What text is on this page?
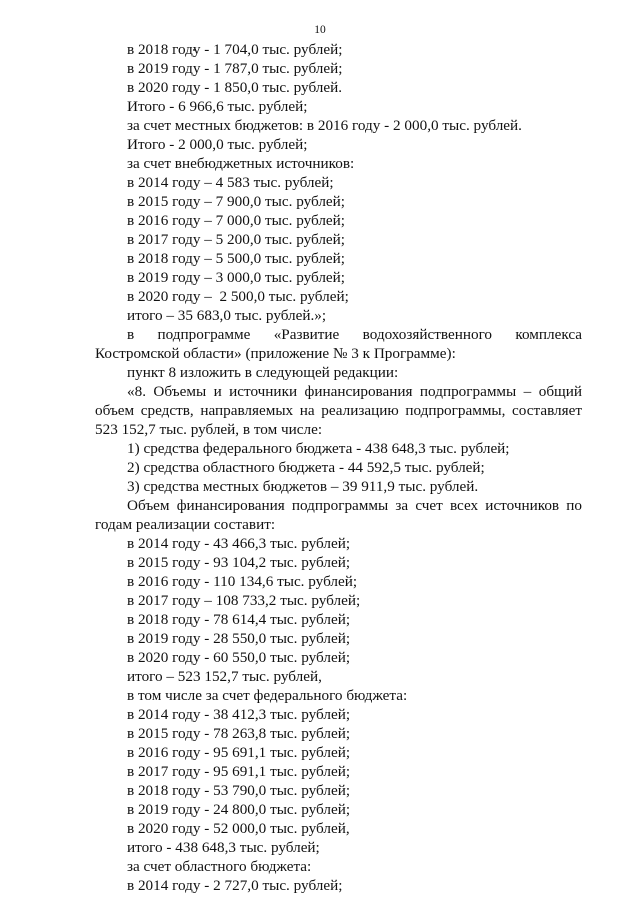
10
в 2018 году - 1 704,0 тыс. рублей;
в 2019 году - 1 787,0 тыс. рублей;
в 2020 году - 1 850,0 тыс. рублей.
Итого - 6 966,6 тыс. рублей;
за счет местных бюджетов: в 2016 году - 2 000,0 тыс. рублей.
Итого - 2 000,0 тыс. рублей;
за счет внебюджетных источников:
в 2014 году – 4 583 тыс. рублей;
в 2015 году – 7 900,0 тыс. рублей;
в 2016 году – 7 000,0 тыс. рублей;
в 2017 году – 5 200,0 тыс. рублей;
в 2018 году – 5 500,0 тыс. рублей;
в 2019 году – 3 000,0 тыс. рублей;
в 2020 году –  2 500,0 тыс. рублей;
итого – 35 683,0 тыс. рублей.»;
в подпрограмме «Развитие водохозяйственного комплекса
Костромской области» (приложение № 3 к Программе):
пункт 8 изложить в следующей редакции:
«8. Объемы и источники финансирования подпрограммы – общий
объем средств, направляемых на реализацию подпрограммы, составляет
523 152,7 тыс. рублей, в том числе:
1) средства федерального бюджета - 438 648,3 тыс. рублей;
2) средства областного бюджета - 44 592,5 тыс. рублей;
3) средства местных бюджетов – 39 911,9 тыс. рублей.
Объем финансирования подпрограммы за счет всех источников по
годам реализации составит:
в 2014 году - 43 466,3 тыс. рублей;
в 2015 году - 93 104,2 тыс. рублей;
в 2016 году - 110 134,6 тыс. рублей;
в 2017 году – 108 733,2 тыс. рублей;
в 2018 году - 78 614,4 тыс. рублей;
в 2019 году - 28 550,0 тыс. рублей;
в 2020 году - 60 550,0 тыс. рублей;
итого – 523 152,7 тыс. рублей,
в том числе за счет федерального бюджета:
в 2014 году - 38 412,3 тыс. рублей;
в 2015 году - 78 263,8 тыс. рублей;
в 2016 году - 95 691,1 тыс. рублей;
в 2017 году - 95 691,1 тыс. рублей;
в 2018 году - 53 790,0 тыс. рублей;
в 2019 году - 24 800,0 тыс. рублей;
в 2020 году - 52 000,0 тыс. рублей,
итого - 438 648,3 тыс. рублей;
за счет областного бюджета:
в 2014 году - 2 727,0 тыс. рублей;
